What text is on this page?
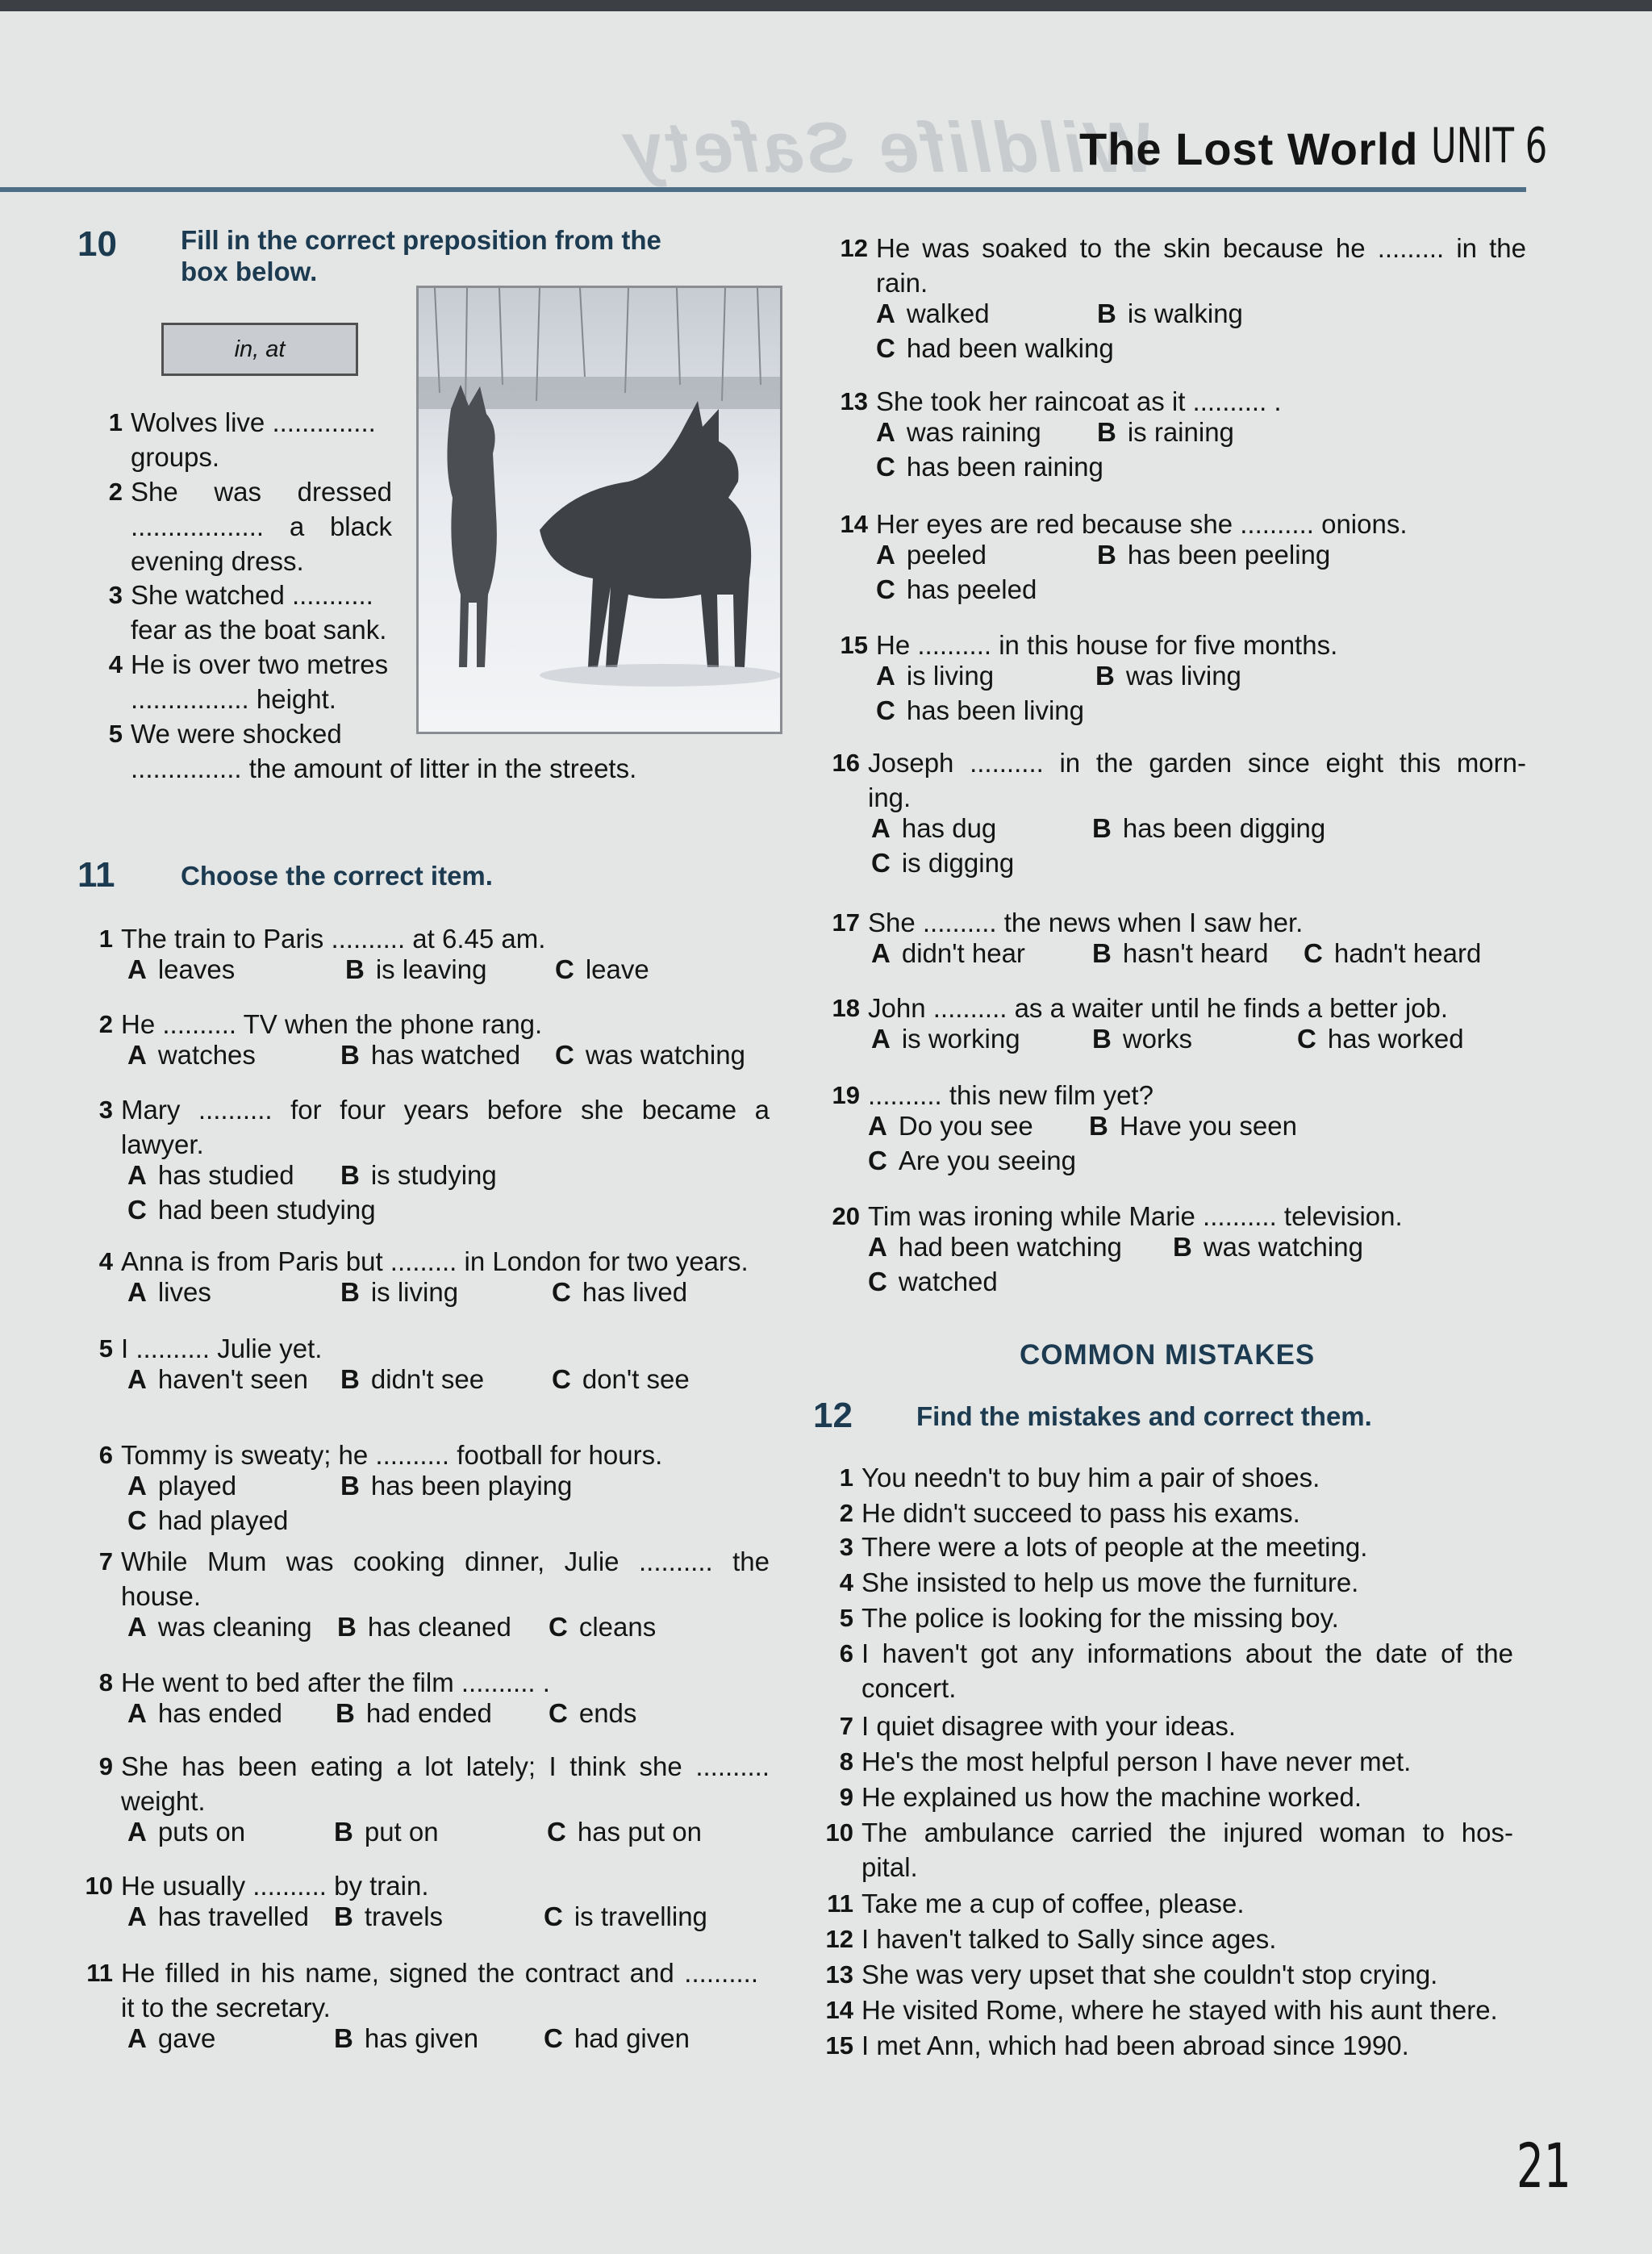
Wildlife Safety
The Lost World UNIT 6
10	Fill in the correct preposition from the
box below.
in, at
1 Wolves live ..............
groups.
2 She was dressed
.................. a black
evening dress.
3 She watched ...........
fear as the boat sank.
4 He is over two metres
................ height.
5 We were shocked
............... the amount of litter in the streets.
11	Choose the correct item.
1 The train to Paris .......... at 6.45 am.
A leaves	B is leaving	C leave
2 He .......... TV when the phone rang.
A watches	B has watched C was watching
3 Mary .......... for four years before she became a
lawyer.
A has studied B is studying
C had been studying
4 Anna is from Paris but ......... in London for two years.
A lives	B is living	C has lived
5 I .......... Julie yet.
A haven't seen B didn't see	C don't see
6 Tommy is sweaty; he .......... football for hours.
A played	B has been playing
C had played
7 While Mum was cooking dinner, Julie .......... the
house.
A was cleaning B has cleaned C cleans
8 He went to bed after the film .......... .
A has ended B had ended C ends
9 She has been eating a lot lately; I think she ..........
weight.
A puts on	B put on	C has put on
10 He usually .......... by train.
A has travelled B travels	C is travelling
11 He filled in his name, signed the contract and ..........
it to the secretary.
A gave	B has given C had given
12 He was soaked to the skin because he ......... in the
rain.
A walked	B is walking
C had been walking
13 She took her raincoat as it .......... .
A was raining B is raining
C has been raining
14 Her eyes are red because she .......... onions.
A peeled	B has been peeling
C has peeled
15 He .......... in this house for five months.
A is living	B was living
C has been living
16 Joseph .......... in the garden since eight this morn-
ing.
A has dug	B has been digging
C is digging
17 She .......... the news when I saw her.
A didn't hear	B hasn't heard C hadn't heard
18 John .......... as a waiter until he finds a better job.
A is working	B works	C has worked
19 .......... this new film yet?
A Do you see B Have you seen
C Are you seeing
20 Tim was ironing while Marie .......... television.
A had been watching B was watching
C watched
COMMON MISTAKES
12	Find the mistakes and correct them.
1 You needn't to buy him a pair of shoes.
2 He didn't succeed to pass his exams.
3 There were a lots of people at the meeting.
4 She insisted to help us move the furniture.
5 The police is looking for the missing boy.
6 I haven't got any informations about the date of the
concert.
7 I quiet disagree with your ideas.
8 He's the most helpful person I have never met.
9 He explained us how the machine worked.
10 The ambulance carried the injured woman to hos-
pital.
11 Take me a cup of coffee, please.
12 I haven't talked to Sally since ages.
13 She was very upset that she couldn't stop crying.
14 He visited Rome, where he stayed with his aunt there.
15 I met Ann, which had been abroad since 1990.
21
